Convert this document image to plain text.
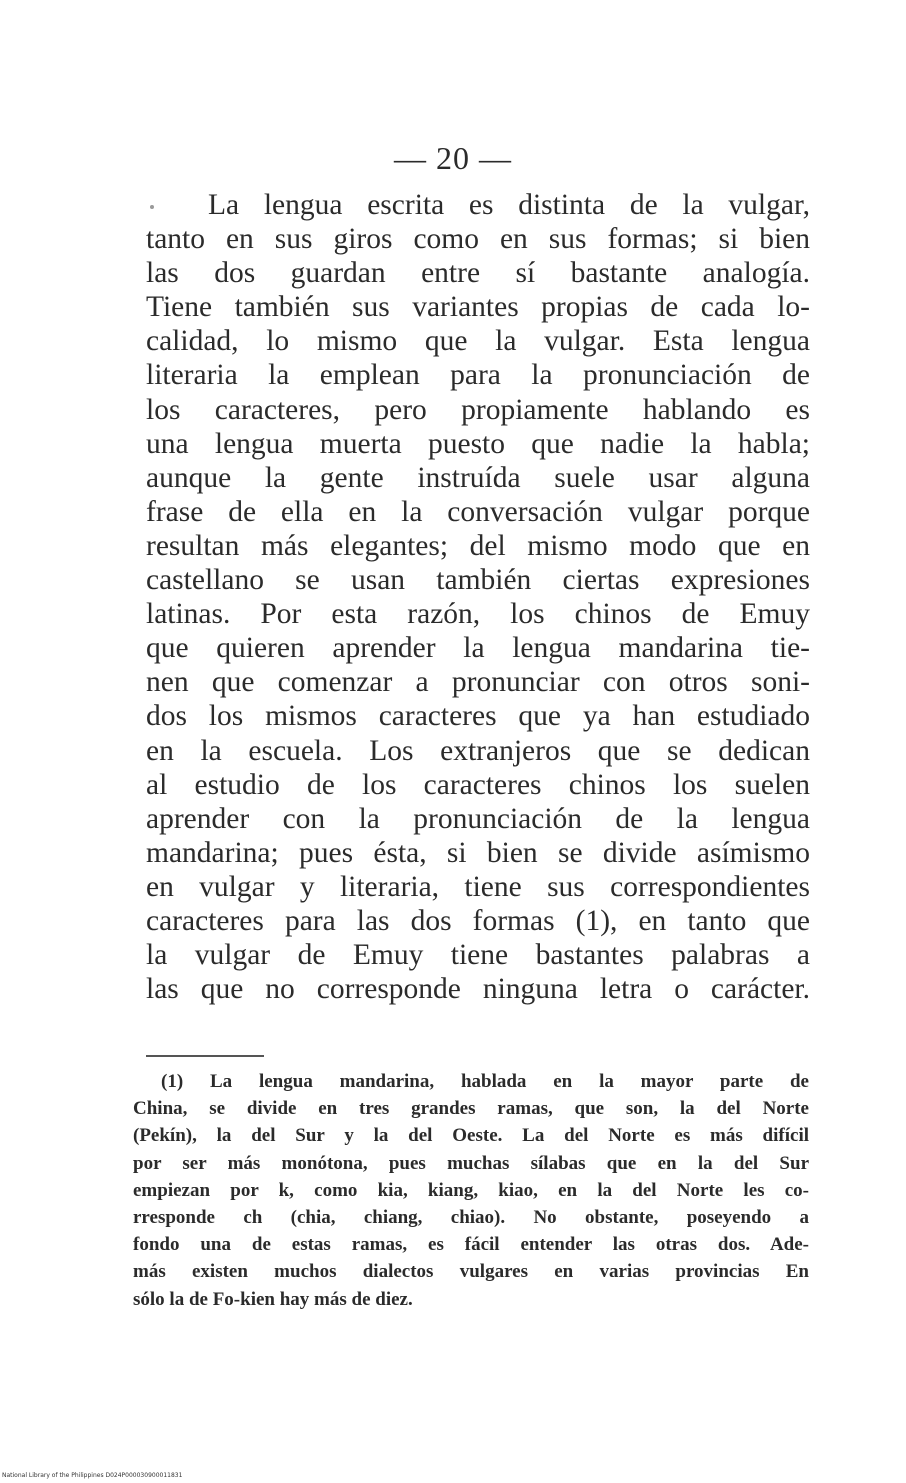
— 20 —
La lengua escrita es distinta de la vulgar,
tanto en sus giros como en sus formas; si bien
las dos guardan entre sí bastante analogía.
Tiene también sus variantes propias de cada lo-
calidad, lo mismo que la vulgar. Esta lengua
literaria la emplean para la pronunciación de
los caracteres, pero propiamente hablando es
una lengua muerta puesto que nadie la habla;
aunque la gente instruída suele usar alguna
frase de ella en la conversación vulgar porque
resultan más elegantes; del mismo modo que en
castellano se usan también ciertas expresiones
latinas. Por esta razón, los chinos de Emuy
que quieren aprender la lengua mandarina tie-
nen que comenzar a pronunciar con otros soni-
dos los mismos caracteres que ya han estudiado
en la escuela. Los extranjeros que se dedican
al estudio de los caracteres chinos los suelen
aprender con la pronunciación de la lengua
mandarina; pues ésta, si bien se divide asímismo
en vulgar y literaria, tiene sus correspondientes
caracteres para las dos formas (1), en tanto que
la vulgar de Emuy tiene bastantes palabras a
las que no corresponde ninguna letra o carácter.
(1) La lengua mandarina, hablada en la mayor parte de
China, se divide en tres grandes ramas, que son, la del Norte
(Pekín), la del Sur y la del Oeste. La del Norte es más difícil
por ser más monótona, pues muchas sílabas que en la del Sur
empiezan por k, como kia, kiang, kiao, en la del Norte les co-
rresponde ch (chia, chiang, chiao). No obstante, poseyendo a
fondo una de estas ramas, es fácil entender las otras dos. Ade-
más existen muchos dialectos vulgares en varias provincias En
sólo la de Fo-kien hay más de diez.
National Library of the Philippines D024P000030900011831
